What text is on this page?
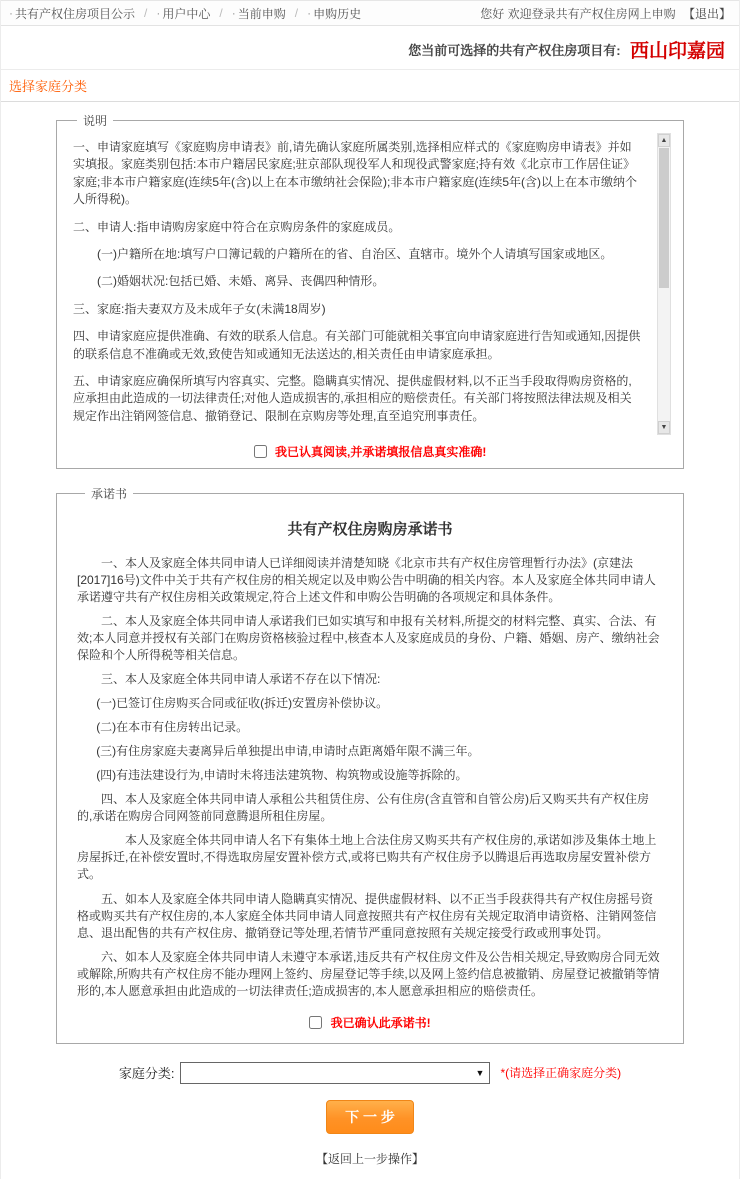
· 共有产权住房项目公示 / · 用户中心 / · 当前申购 / · 申购历史	您好 欢迎登录共有产权住房网上申购 【退出】
您当前可选择的共有产权住房项目有: 西山印嘉园
选择家庭分类
说明

一、申请家庭填写《家庭购房申请表》前,请先确认家庭所属类别,选择相应样式的《家庭购房申请表》并如实填报。家庭类别包括:本市户籍居民家庭;驻京部队现役军人和现役武警家庭;持有效《北京市工作居住证》家庭;非本市户籍家庭(连续5年(含)以上在本市缴纳社会保险);非本市户籍家庭(连续5年(含)以上在本市缴纳个人所得税)。

二、申请人:指申请购房家庭中符合在京购房条件的家庭成员。

(一)户籍所在地:填写户口簿记载的户籍所在的省、自治区、直辖市。境外个人请填写国家或地区。

(二)婚姻状况:包括已婚、未婚、离异、丧偶四种情形。

三、家庭:指夫妻双方及未成年子女(未满18周岁)

四、申请家庭应提供准确、有效的联系人信息。有关部门可能就相关事宜向申请家庭进行告知或通知,因提供的联系信息不准确或无效,致使告知或通知无法送达的,相关责任由申请家庭承担。

五、申请家庭应确保所填写内容真实、完整。隐瞒真实情况、提供虚假材料,以不正当手段取得购房资格的,应承担由此造成的一切法律责任;对他人造成损害的,承担相应的赔偿责任。有关部门将按照法律法规及相关规定作出注销网签信息、撤销登记、限制在京购房等处理,直至追究刑事责任。

▲
▼
我已认真阅读,并承诺填报信息真实准确!
承诺书
共有产权住房购房承诺书

一、本人及家庭全体共同申请人已详细阅读并清楚知晓《北京市共有产权住房管理暂行办法》(京建法[2017]16号)文件中关于共有产权住房的相关规定以及申购公告中明确的相关内容。本人及家庭全体共同申请人承诺遵守共有产权住房相关政策规定,符合上述文件和申购公告明确的各项规定和具体条件。

二、本人及家庭全体共同申请人承诺我们已如实填写和申报有关材料,所提交的材料完整、真实、合法、有效;本人同意并授权有关部门在购房资格核验过程中,核查本人及家庭成员的身份、户籍、婚姻、房产、缴纳社会保险和个人所得税等相关信息。

三、本人及家庭全体共同申请人承诺不存在以下情况:

(一)已签订住房购买合同或征收(拆迁)安置房补偿协议。

(二)在本市有住房转出记录。

(三)有住房家庭夫妻离异后单独提出申请,申请时点距离婚年限不满三年。

(四)有违法建设行为,申请时未将违法建筑物、构筑物或设施等拆除的。

四、本人及家庭全体共同申请人承租公共租赁住房、公有住房(含直管和自管公房)后又购买共有产权住房的,承诺在购房合同网签前同意腾退所租住房屋。

本人及家庭全体共同申请人名下有集体土地上合法住房又购买共有产权住房的,承诺如涉及集体土地上房屋拆迁,在补偿安置时,不得选取房屋安置补偿方式,或将已购共有产权住房予以腾退后再选取房屋安置补偿方式。

五、如本人及家庭全体共同申请人隐瞒真实情况、提供虚假材料、以不正当手段获得共有产权住房摇号资格或购买共有产权住房的,本人家庭全体共同申请人同意按照共有产权住房有关规定取消申请资格、注销网签信息、退出配售的共有产权住房、撤销登记等处理,若情节严重同意按照有关规定接受行政或刑事处罚。

六、如本人及家庭全体共同申请人未遵守本承诺,违反共有产权住房文件及公告相关规定,导致购房合同无效或解除,所购共有产权住房不能办理网上签约、房屋登记等手续,以及网上签约信息被撤销、房屋登记被撤销等情形的,本人愿意承担由此造成的一切法律责任;造成损害的,本人愿意承担相应的赔偿责任。

我已确认此承诺书!
家庭分类:	▼ *(请选择正确家庭分类)
下 一 步
【返回上一步操作】
